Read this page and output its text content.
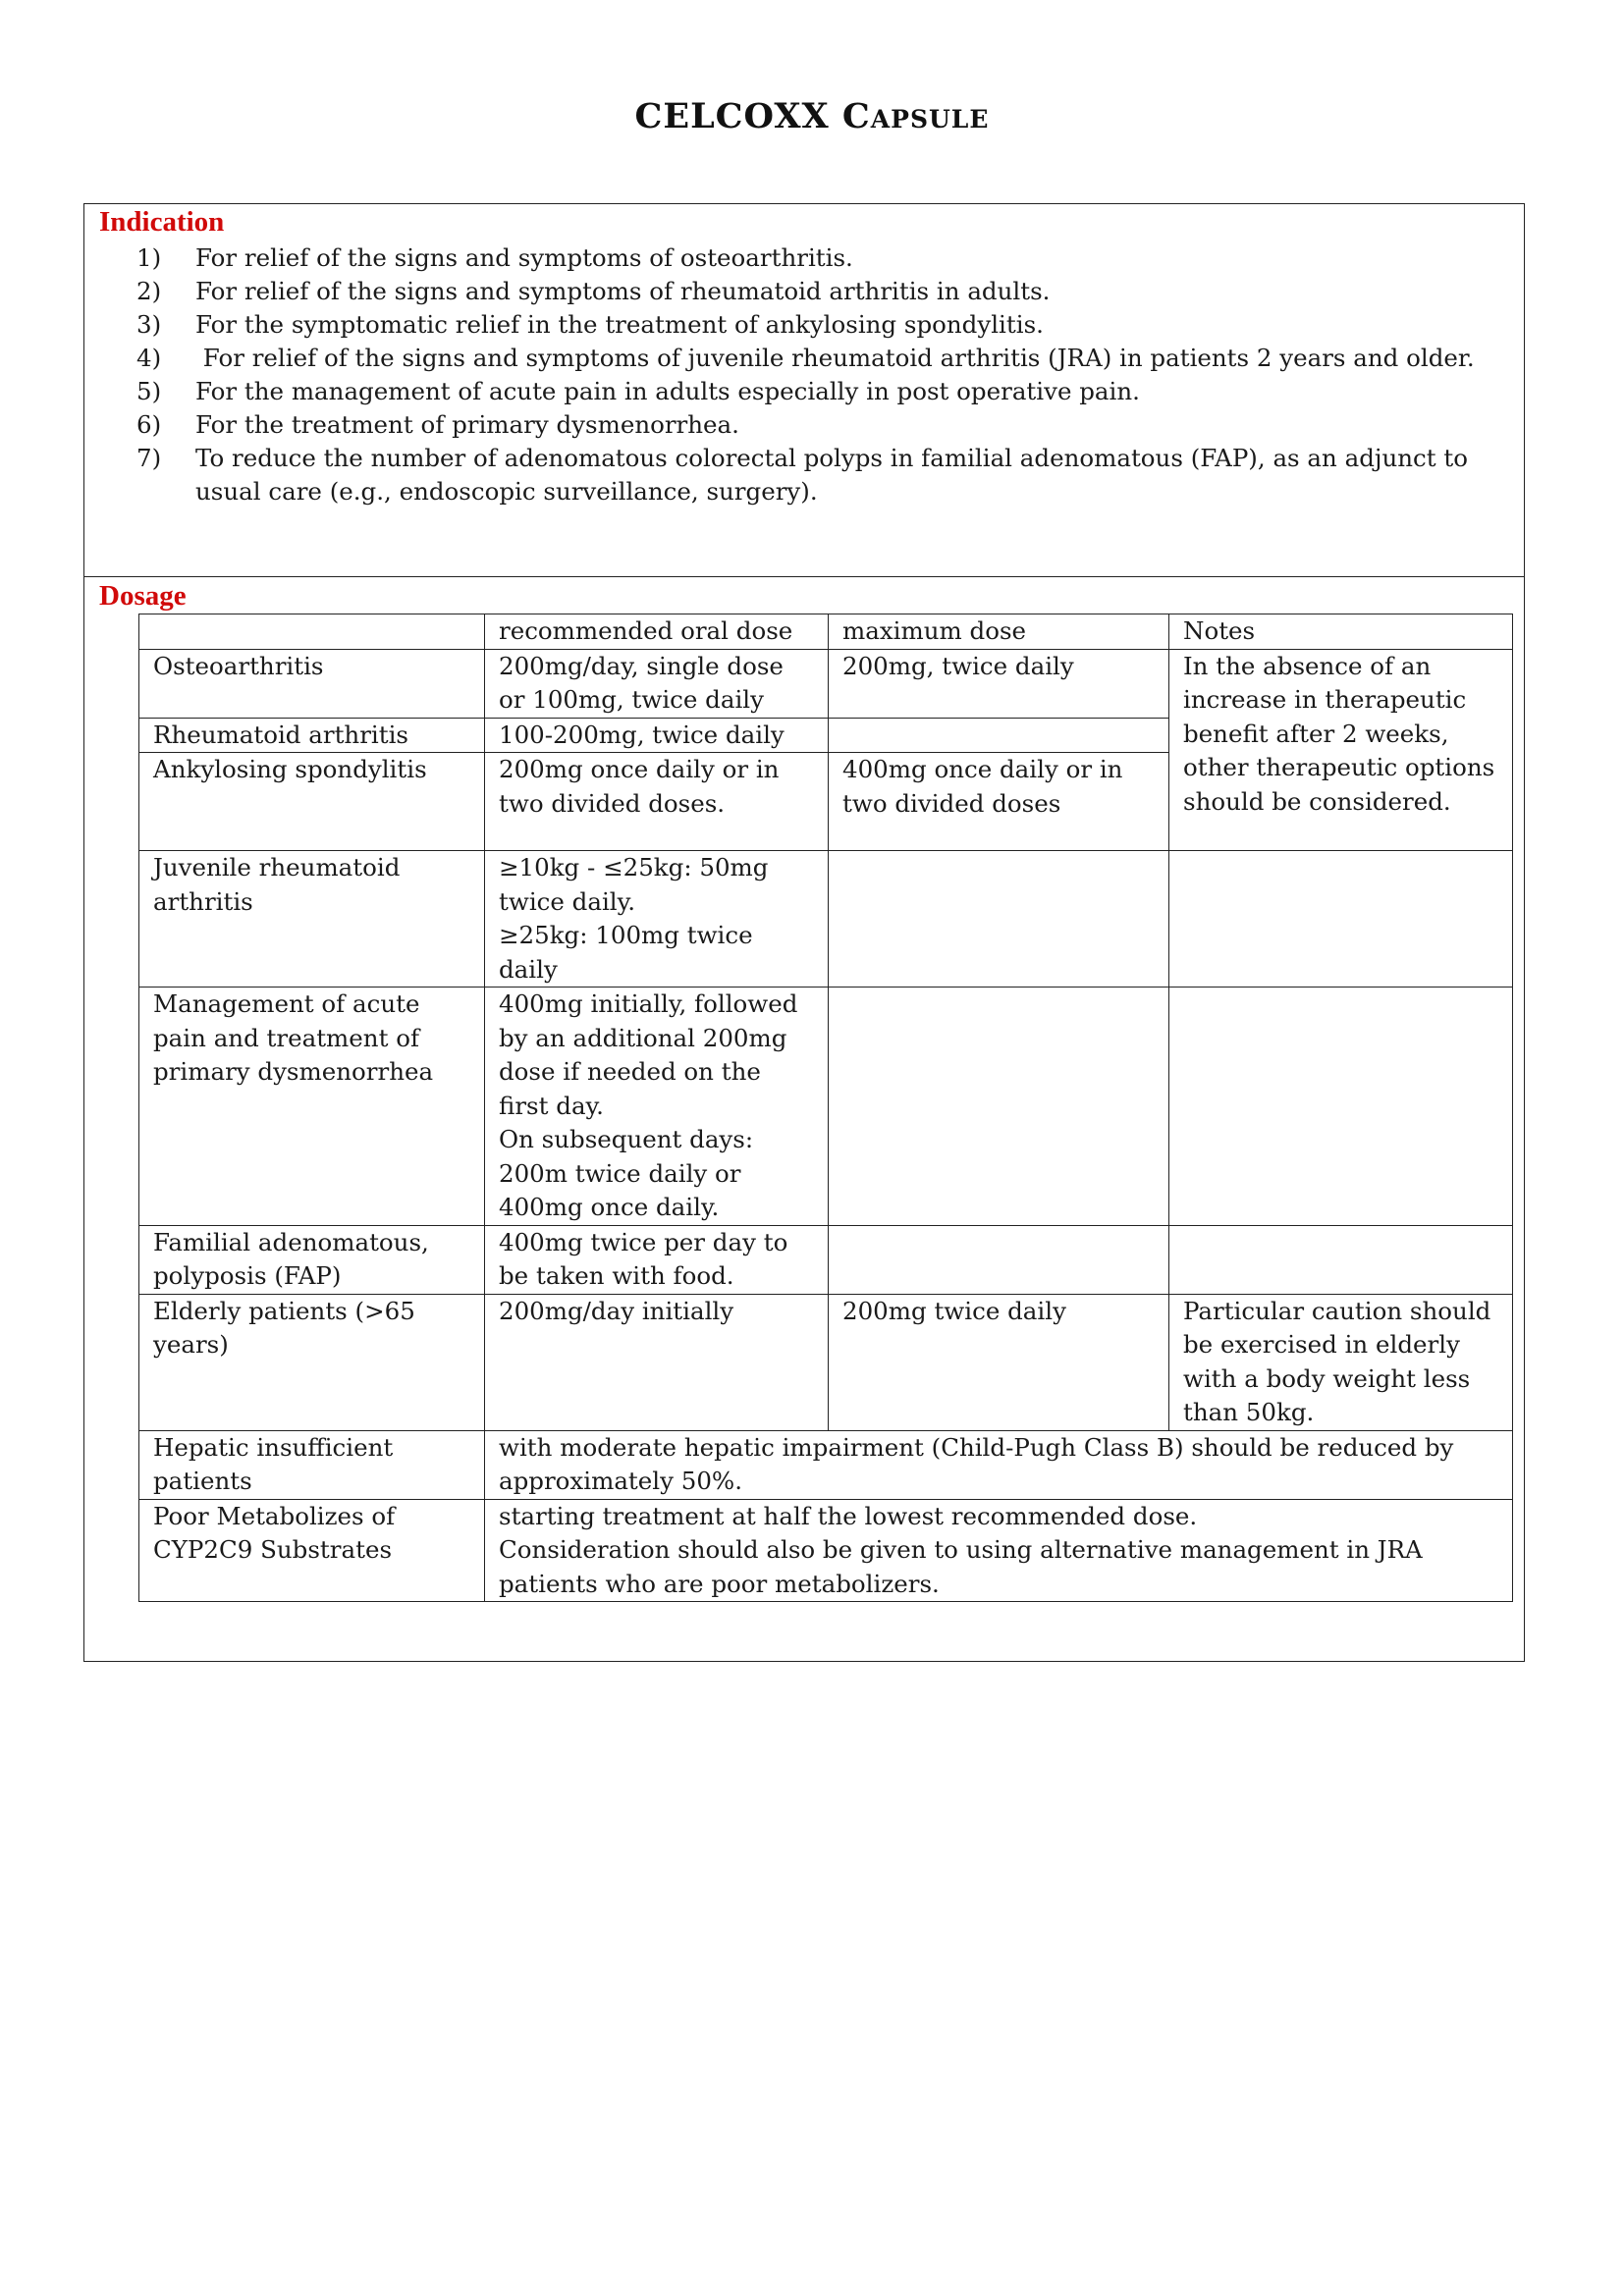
CELCOXX Capsule
Indication
1)	For relief of the signs and symptoms of osteoarthritis.
2)	For relief of the signs and symptoms of rheumatoid arthritis in adults.
3)	For the symptomatic relief in the treatment of ankylosing spondylitis.
4)	For relief of the signs and symptoms of juvenile rheumatoid arthritis (JRA) in patients 2 years and older.
5)	For the management of acute pain in adults especially in post operative pain.
6)	For the treatment of primary dysmenorrhea.
7)	To reduce the number of adenomatous colorectal polyps in familial adenomatous (FAP), as an adjunct to usual care (e.g., endoscopic surveillance, surgery).
Dosage
	recommended oral dose	maximum dose	Notes
Osteoarthritis	200mg/day, single dose or 100mg, twice daily	200mg, twice daily	In the absence of an increase in therapeutic benefit after 2 weeks, other therapeutic options should be considered.
Rheumatoid arthritis	100-200mg, twice daily		
Ankylosing spondylitis	200mg once daily or in two divided doses.	400mg once daily or in two divided doses	
Juvenile rheumatoid arthritis	≥10kg - ≤25kg: 50mg twice daily.
≥25kg: 100mg twice daily		

Management of acute pain and treatment of primary dysmenorrhea	400mg initially, followed by an additional 200mg dose if needed on the first day.
On subsequent days: 200m twice daily or 400mg once daily.		

Familial adenomatous, polyposis (FAP)	400mg twice per day to be taken with food.		
Elderly patients (>65 years)	200mg/day initially	200mg twice daily	Particular caution should be exercised in elderly with a body weight less than 50kg.
Hepatic insufficient patients	with moderate hepatic impairment (Child-Pugh Class B) should be reduced by approximately 50%.		
Poor Metabolizes of CYP2C9 Substrates	starting treatment at half the lowest recommended dose.
Consideration should also be given to using alternative management in JRA patients who are poor metabolizers.		
